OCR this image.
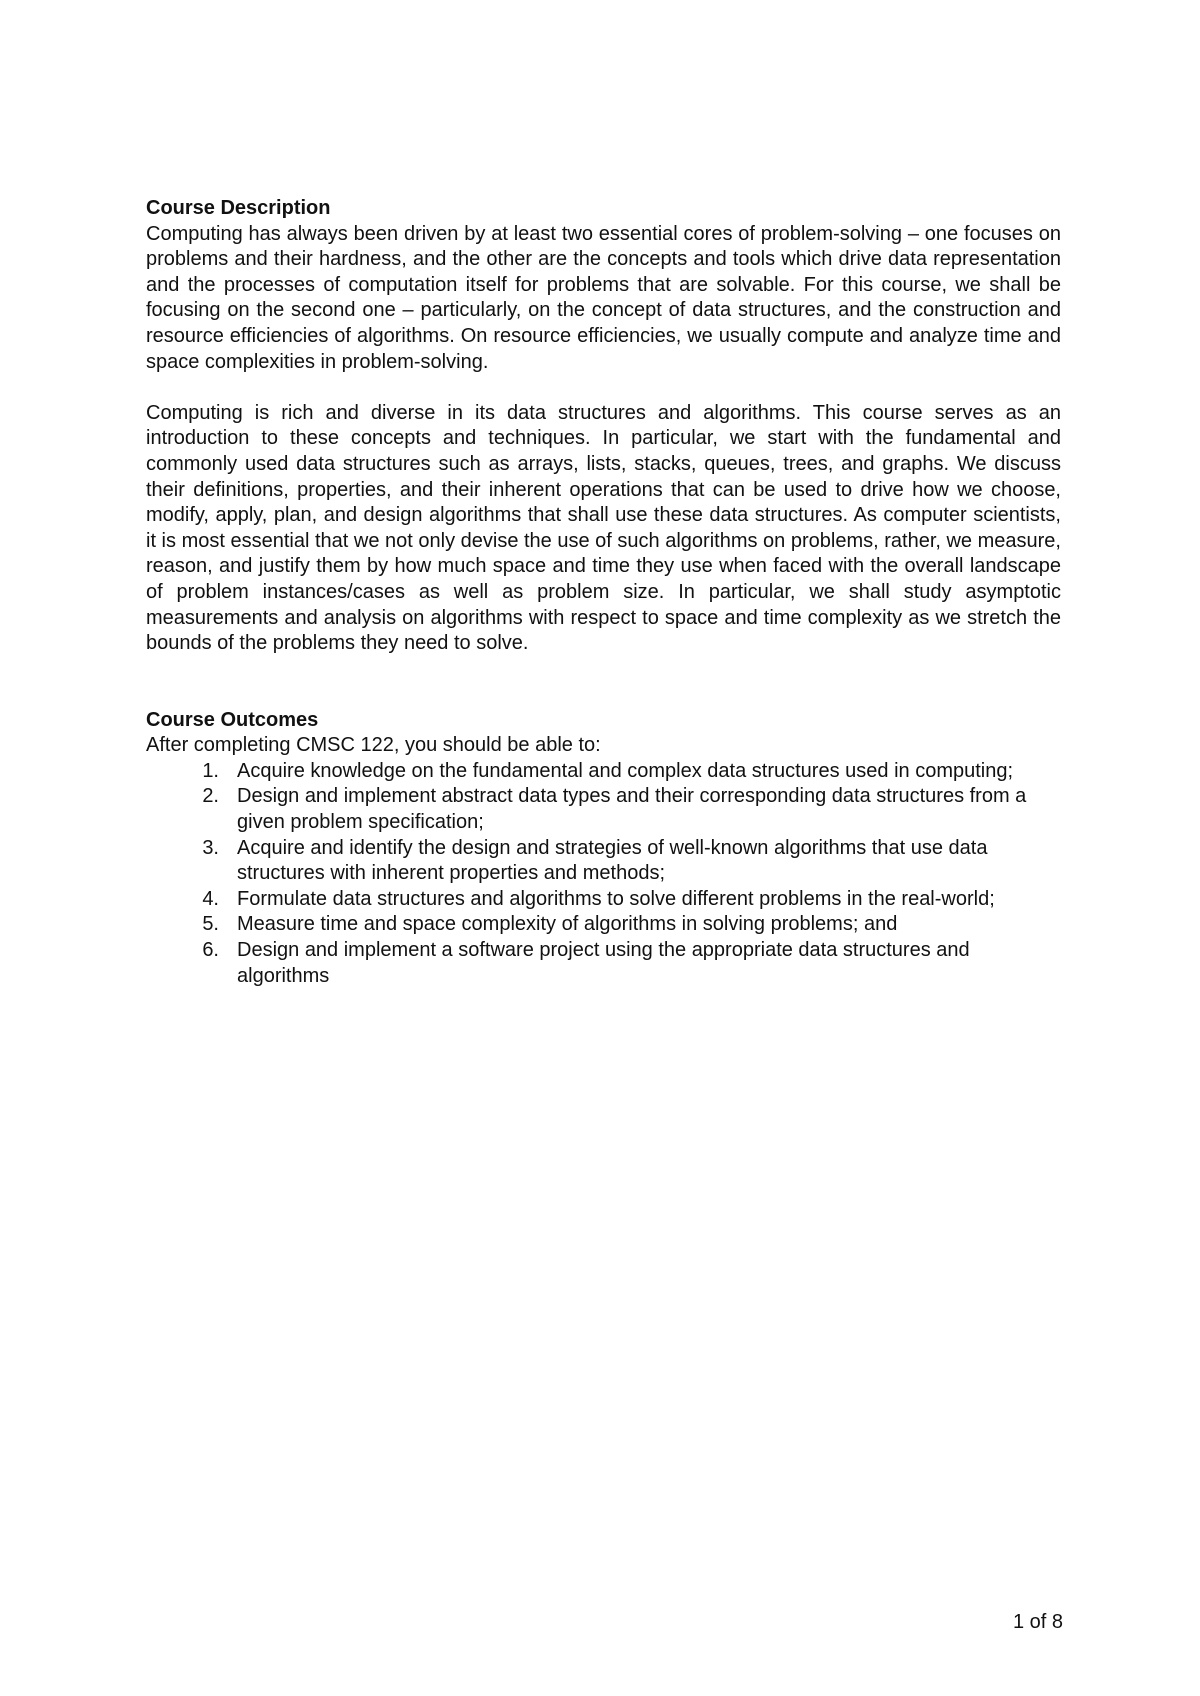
Course Description

Computing has always been driven by at least two essential cores of problem-solving – one focuses on problems and their hardness, and the other are the concepts and tools which drive data representation and the processes of computation itself for problems that are solvable. For this course, we shall be focusing on the second one – particularly, on the concept of data structures, and the construction and resource efficiencies of algorithms. On resource efficiencies, we usually compute and analyze time and space complexities in problem-solving.

Computing is rich and diverse in its data structures and algorithms. This course serves as an introduction to these concepts and techniques. In particular, we start with the fundamental and commonly used data structures such as arrays, lists, stacks, queues, trees, and graphs. We discuss their definitions, properties, and their inherent operations that can be used to drive how we choose, modify, apply, plan, and design algorithms that shall use these data structures. As computer scientists, it is most essential that we not only devise the use of such algorithms on problems, rather, we measure, reason, and justify them by how much space and time they use when faced with the overall landscape of problem instances/cases as well as problem size. In particular, we shall study asymptotic measurements and analysis on algorithms with respect to space and time complexity as we stretch the bounds of the problems they need to solve.

Course Outcomes

After completing CMSC 122, you should be able to:

1. Acquire knowledge on the fundamental and complex data structures used in computing;
2. Design and implement abstract data types and their corresponding data structures from a given problem specification;
3. Acquire and identify the design and strategies of well-known algorithms that use data structures with inherent properties and methods;
4. Formulate data structures and algorithms to solve different problems in the real-world;
5. Measure time and space complexity of algorithms in solving problems; and
6. Design and implement a software project using the appropriate data structures and algorithms
1 of 8
